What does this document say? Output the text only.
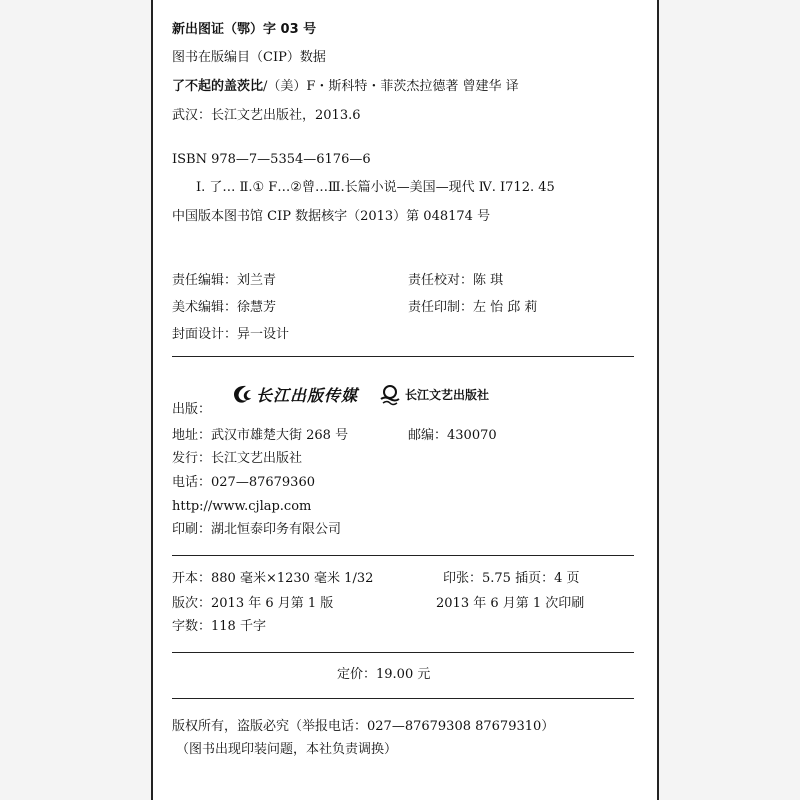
新出图证（鄂）字 03 号
图书在版编目（CIP）数据
了不起的盖茨比/（美）F・斯科特・菲茨杰拉德著 曾建华 译
武汉：长江文艺出版社，2013.6
ISBN 978—7—5354—6176—6
Ⅰ. 了… Ⅱ.① F…②曾…Ⅲ.长篇小说—美国—现代 Ⅳ. I712. 45
中国版本图书馆 CIP 数据核字（2013）第 048174 号
责任编辑：刘兰青	责任校对：陈 琪
美术编辑：徐慧芳	责任印制：左 怡 邱 莉
封面设计：异一设计
长江出版传媒	长江文艺出版社
出版：
地址：武汉市雄楚大街 268 号	邮编：430070
发行：长江文艺出版社
电话：027—87679360
http://www.cjlap.com
印刷：湖北恒泰印务有限公司
开本：880 毫米×1230 毫米 1/32	印张：5.75 插页：4 页
版次：2013 年 6 月第 1 版	2013 年 6 月第 1 次印刷
字数：118 千字
定价：19.00 元
版权所有，盗版必究（举报电话：027—87679308 87679310）
（图书出现印装问题，本社负责调换）
